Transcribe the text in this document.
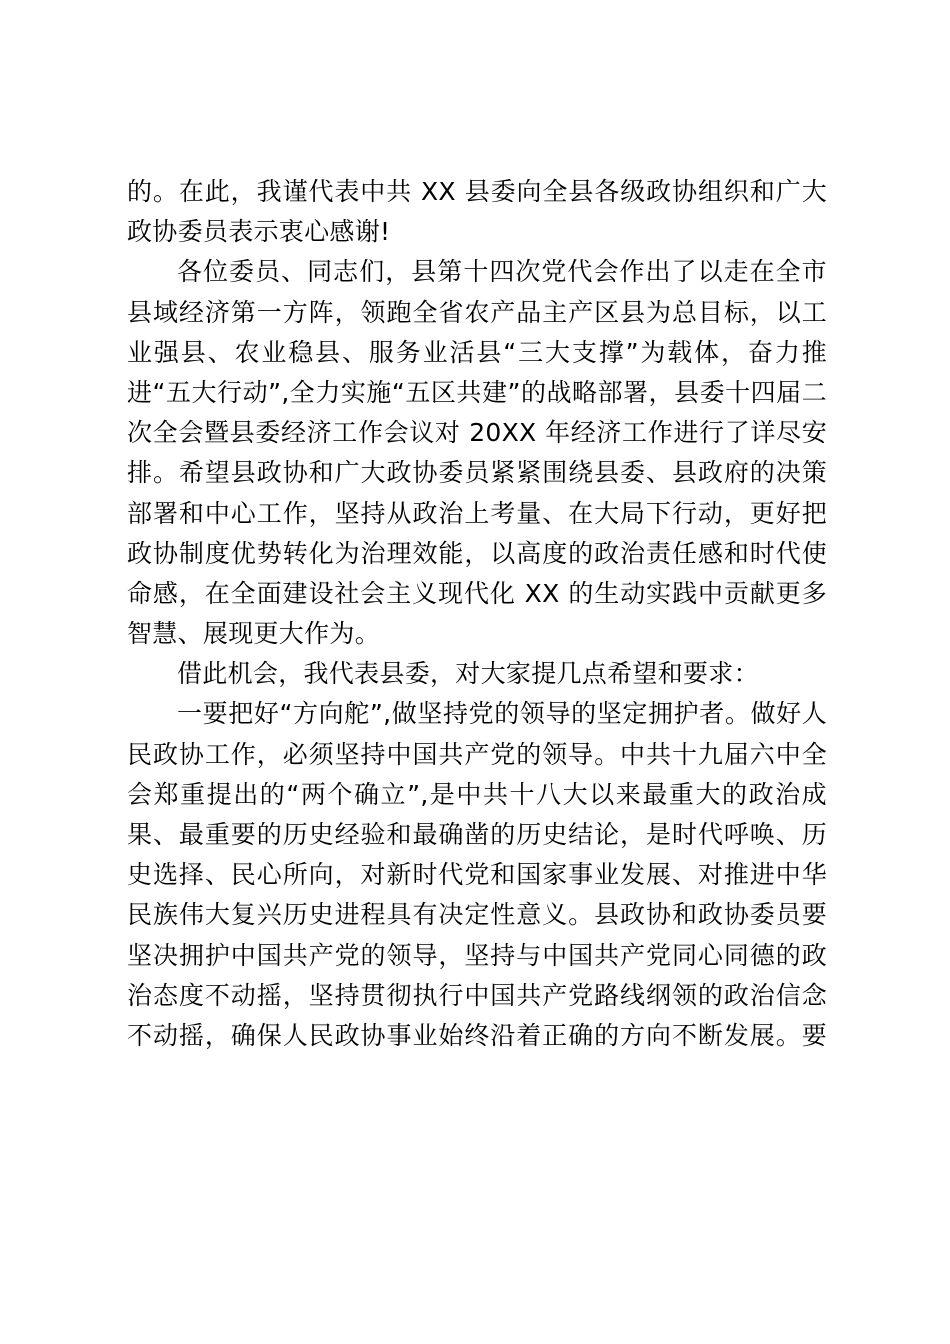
的。在此，我谨代表中共 XX 县委向全县各级政协组织和广大
政协委员表示衷心感谢!
各位委员、同志们，县第十四次党代会作出了以走在全市
县域经济第一方阵，领跑全省农产品主产区县为总目标，以工
业强县、农业稳县、服务业活县“三大支撑”为载体，奋力推
进“五大行动”,全力实施“五区共建”的战略部署，县委十四届二
次全会暨县委经济工作会议对 20XX 年经济工作进行了详尽安
排。希望县政协和广大政协委员紧紧围绕县委、县政府的决策
部署和中心工作，坚持从政治上考量、在大局下行动，更好把
政协制度优势转化为治理效能，以高度的政治责任感和时代使
命感，在全面建设社会主义现代化 XX 的生动实践中贡献更多
智慧、展现更大作为。
借此机会，我代表县委，对大家提几点希望和要求：
一要把好“方向舵”,做坚持党的领导的坚定拥护者。做好人
民政协工作，必须坚持中国共产党的领导。中共十九届六中全
会郑重提出的“两个确立”,是中共十八大以来最重大的政治成
果、最重要的历史经验和最确凿的历史结论，是时代呼唤、历
史选择、民心所向，对新时代党和国家事业发展、对推进中华
民族伟大复兴历史进程具有决定性意义。县政协和政协委员要
坚决拥护中国共产党的领导，坚持与中国共产党同心同德的政
治态度不动摇，坚持贯彻执行中国共产党路线纲领的政治信念
不动摇，确保人民政协事业始终沿着正确的方向不断发展。要
